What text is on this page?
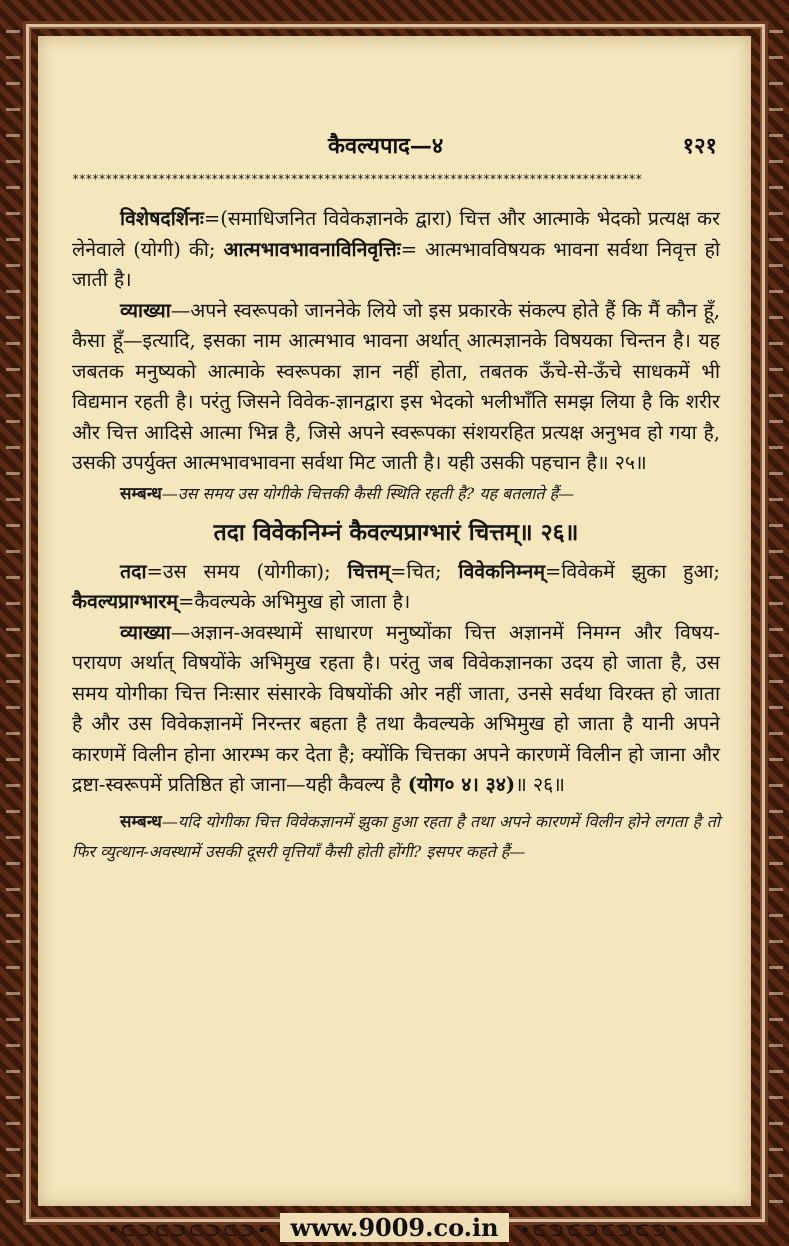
कैवल्यपाद—४	१२१
**************************************************************************************

विशेषदर्शिनः=(समाधिजनित विवेकज्ञानके द्वारा) चित्त और आत्माके भेदको प्रत्यक्ष कर लेनेवाले (योगी) की; आत्मभावभावनाविनिवृत्तिः= आत्मभावविषयक भावना सर्वथा निवृत्त हो जाती है।

व्याख्या—अपने स्वरूपको जाननेके लिये जो इस प्रकारके संकल्प होते हैं कि मैं कौन हूँ, कैसा हूँ—इत्यादि, इसका नाम आत्मभाव भावना अर्थात् आत्मज्ञानके विषयका चिन्तन है। यह जबतक मनुष्यको आत्माके स्वरूपका ज्ञान नहीं होता, तबतक ऊँचे-से-ऊँचे साधकमें भी विद्यमान रहती है। परंतु जिसने विवेक-ज्ञानद्वारा इस भेदको भलीभाँति समझ लिया है कि शरीर और चित्त आदिसे आत्मा भिन्न है, जिसे अपने स्वरूपका संशयरहित प्रत्यक्ष अनुभव हो गया है, उसकी उपर्युक्त आत्मभावभावना सर्वथा मिट जाती है। यही उसकी पहचान है॥ २५॥

सम्बन्ध—उस समय उस योगीके चित्तकी कैसी स्थिति रहती है? यह बतलाते हैं—

तदा विवेकनिम्नं कैवल्यप्राग्भारं चित्तम्॥ २६॥

तदा=उस समय (योगीका); चित्तम्=चित; विवेकनिम्नम्=विवेकमें झुका हुआ; कैवल्यप्राग्भारम्=कैवल्यके अभिमुख हो जाता है।

व्याख्या—अज्ञान-अवस्थामें साधारण मनुष्योंका चित्त अज्ञानमें निमग्न और विषय-परायण अर्थात् विषयोंके अभिमुख रहता है। परंतु जब विवेकज्ञानका उदय हो जाता है, उस समय योगीका चित्त निःसार संसारके विषयोंकी ओर नहीं जाता, उनसे सर्वथा विरक्त हो जाता है और उस विवेकज्ञानमें निरन्तर बहता है तथा कैवल्यके अभिमुख हो जाता है यानी अपने कारणमें विलीन होना आरम्भ कर देता है; क्योंकि चित्तका अपने कारणमें विलीन हो जाना और द्रष्टा-स्वरूपमें प्रतिष्ठित हो जाना—यही कैवल्य है (योग० ४। ३४)॥ २६॥

सम्बन्ध—यदि योगीका चित्त विवेकज्ञानमें झुका हुआ रहता है तथा अपने कारणमें विलीन होने लगता है तो फिर व्युत्थान-अवस्थामें उसकी दूसरी वृत्तियाँ कैसी होती होंगी? इसपर कहते हैं—

•⊂⊃⊂⊃⊂⊃⊂⊃• www.9009.co.in •⊂⊃⊂⊃⊂⊃⊂⊃•
